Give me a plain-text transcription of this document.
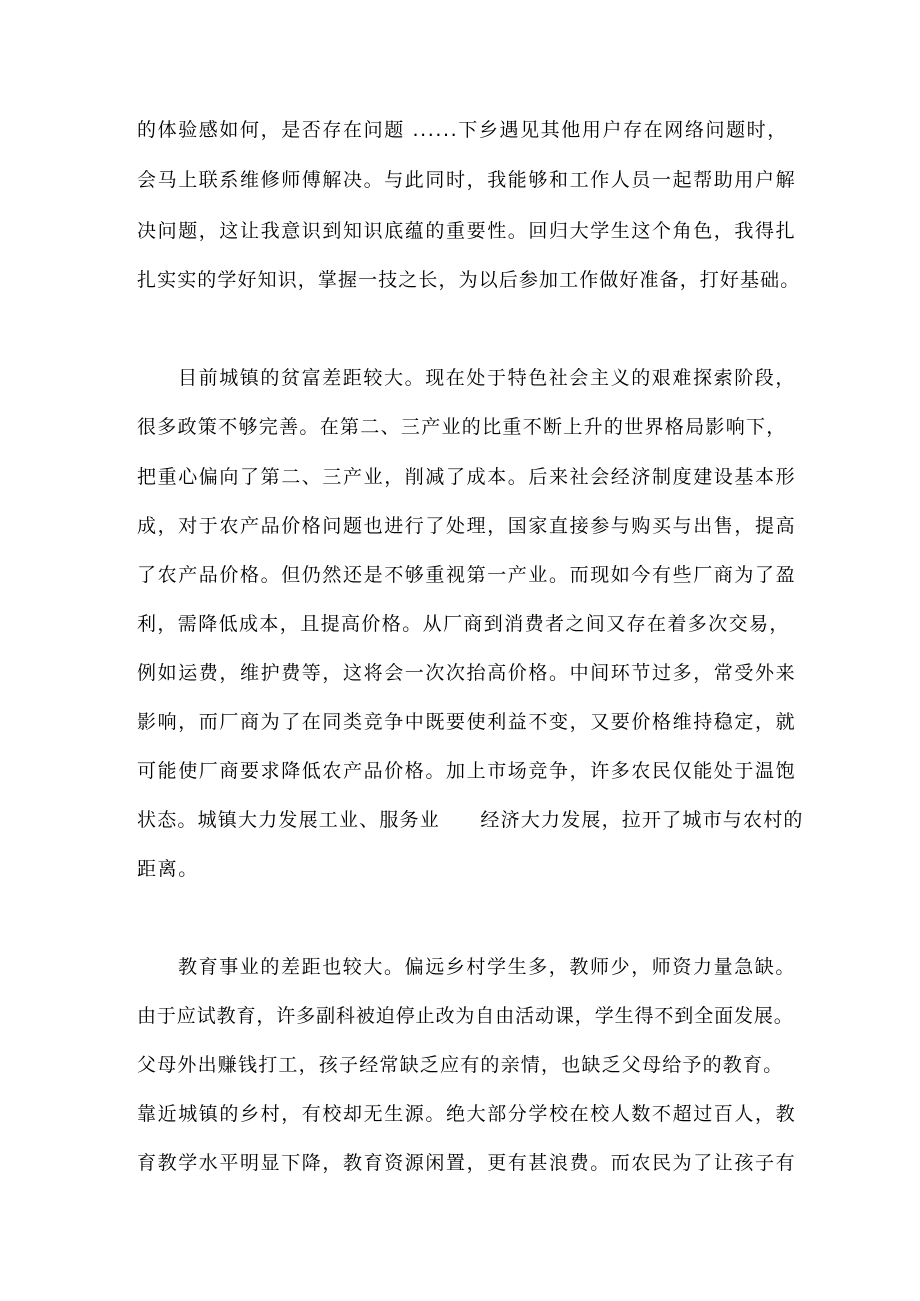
的体验感如何，是否存在问题 ......下乡遇见其他用户存在网络问题时，
会马上联系维修师傅解决。与此同时，我能够和工作人员一起帮助用户解
决问题，这让我意识到知识底蕴的重要性。回归大学生这个角色，我得扎
扎实实的学好知识，掌握一技之长，为以后参加工作做好准备，打好基础。
目前城镇的贫富差距较大。现在处于特色社会主义的艰难探索阶段，
很多政策不够完善。在第二、三产业的比重不断上升的世界格局影响下，
把重心偏向了第二、三产业，削减了成本。后来社会经济制度建设基本形
成，对于农产品价格问题也进行了处理，国家直接参与购买与出售，提高
了农产品价格。但仍然还是不够重视第一产业。而现如今有些厂商为了盈
利，需降低成本，且提高价格。从厂商到消费者之间又存在着多次交易，
例如运费，维护费等，这将会一次次抬高价格。中间环节过多，常受外来
影响，而厂商为了在同类竞争中既要使利益不变，又要价格维持稳定，就
可能使厂商要求降低农产品价格。加上市场竞争，许多农民仅能处于温饱
状态。城镇大力发展工业、服务业　　经济大力发展，拉开了城市与农村的
距离。
教育事业的差距也较大。偏远乡村学生多，教师少，师资力量急缺。
由于应试教育，许多副科被迫停止改为自由活动课，学生得不到全面发展。
父母外出赚钱打工，孩子经常缺乏应有的亲情，也缺乏父母给予的教育。
靠近城镇的乡村，有校却无生源。绝大部分学校在校人数不超过百人，教
育教学水平明显下降，教育资源闲置，更有甚浪费。而农民为了让孩子有
